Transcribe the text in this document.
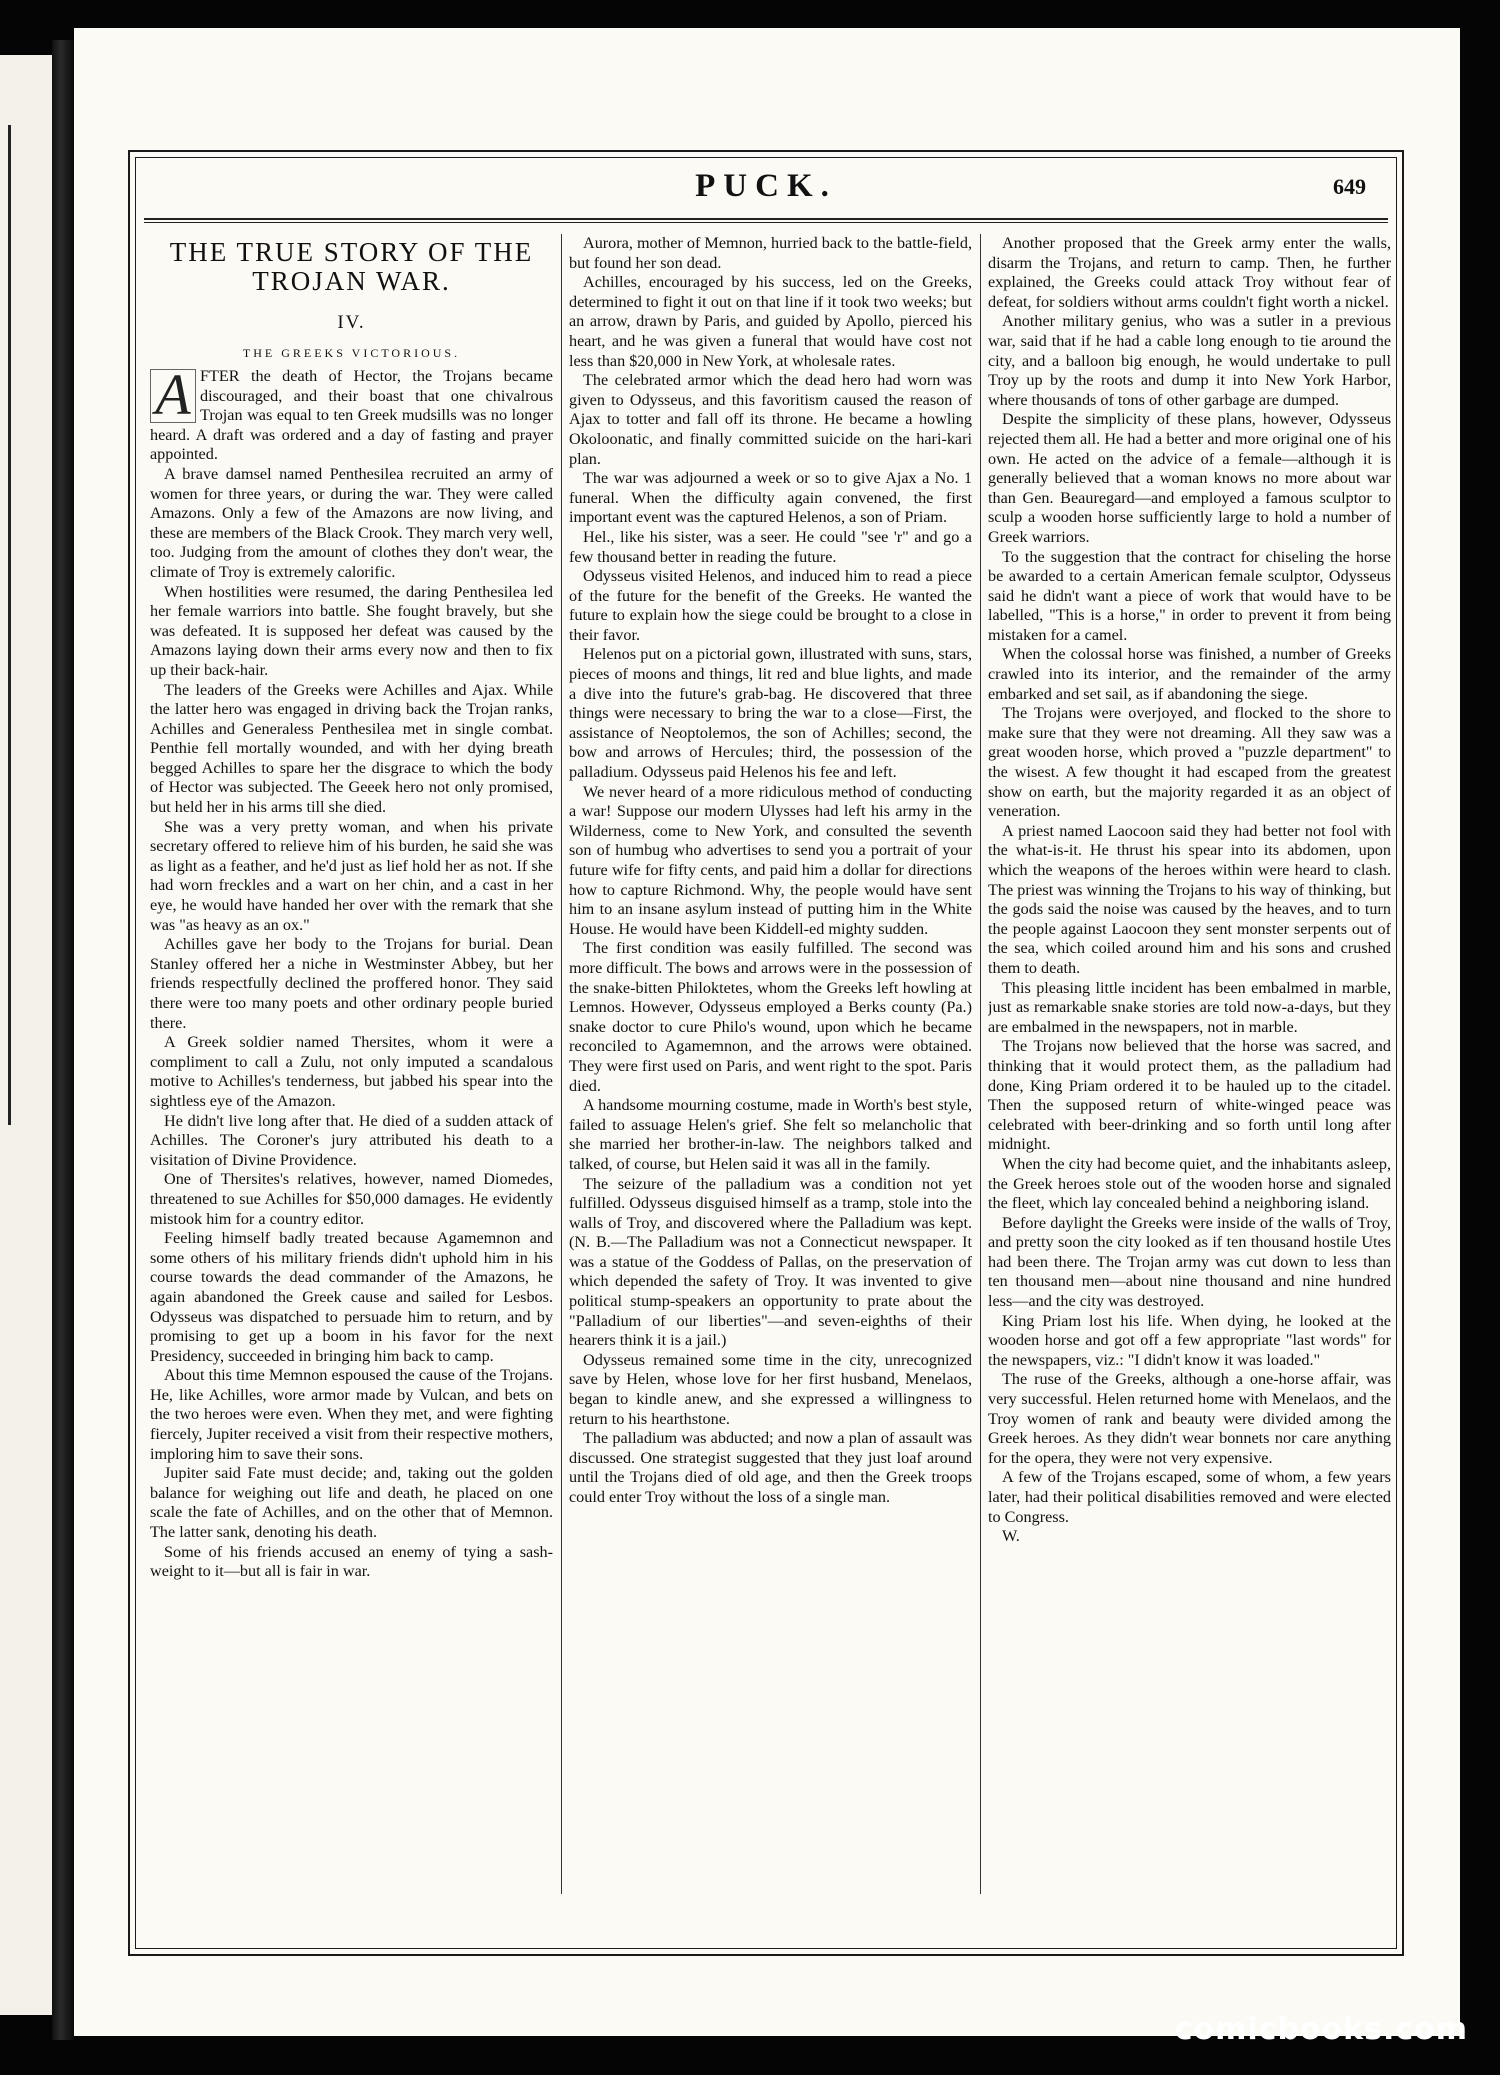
PUCK.	649
THE TRUE STORY OF THE TROJAN WAR.
IV.
THE GREEKS VICTORIOUS.

A FTER the death of Hector, the Trojans became discouraged, and their boast that one chivalrous Trojan was equal to ten Greek mudsills was no longer heard. A draft was ordered and a day of fasting and prayer appointed.

A brave damsel named Penthesilea recruited an army of women for three years, or during the war. They were called Amazons. Only a few of the Amazons are now living, and these are members of the Black Crook. They march very well, too. Judging from the amount of clothes they don't wear, the climate of Troy is extremely calorific.

When hostilities were resumed, the daring Penthesilea led her female warriors into battle. She fought bravely, but she was defeated. It is supposed her defeat was caused by the Amazons laying down their arms every now and then to fix up their back-hair.

The leaders of the Greeks were Achilles and Ajax. While the latter hero was engaged in driving back the Trojan ranks, Achilles and Generaless Penthesilea met in single combat. Penthie fell mortally wounded, and with her dying breath begged Achilles to spare her the disgrace to which the body of Hector was subjected. The Geeek hero not only promised, but held her in his arms till she died.

She was a very pretty woman, and when his private secretary offered to relieve him of his burden, he said she was as light as a feather, and he'd just as lief hold her as not. If she had worn freckles and a wart on her chin, and a cast in her eye, he would have handed her over with the remark that she was "as heavy as an ox."

Achilles gave her body to the Trojans for burial. Dean Stanley offered her a niche in Westminster Abbey, but her friends respectfully declined the proffered honor. They said there were too many poets and other ordinary people buried there.

A Greek soldier named Thersites, whom it were a compliment to call a Zulu, not only imputed a scandalous motive to Achilles's tenderness, but jabbed his spear into the sightless eye of the Amazon.

He didn't live long after that. He died of a sudden attack of Achilles. The Coroner's jury attributed his death to a visitation of Divine Providence.

One of Thersites's relatives, however, named Diomedes, threatened to sue Achilles for $50,000 damages. He evidently mistook him for a country editor.

Feeling himself badly treated because Agamemnon and some others of his military friends didn't uphold him in his course towards the dead commander of the Amazons, he again abandoned the Greek cause and sailed for Lesbos. Odysseus was dispatched to persuade him to return, and by promising to get up a boom in his favor for the next Presidency, succeeded in bringing him back to camp.

About this time Memnon espoused the cause of the Trojans. He, like Achilles, wore armor made by Vulcan, and bets on the two heroes were even. When they met, and were fighting fiercely, Jupiter received a visit from their respective mothers, imploring him to save their sons.

Jupiter said Fate must decide; and, taking out the golden balance for weighing out life and death, he placed on one scale the fate of Achilles, and on the other that of Memnon. The latter sank, denoting his death.

Some of his friends accused an enemy of tying a sash-weight to it—but all is fair in war.

Aurora, mother of Memnon, hurried back to the battle-field, but found her son dead.

Achilles, encouraged by his success, led on the Greeks, determined to fight it out on that line if it took two weeks; but an arrow, drawn by Paris, and guided by Apollo, pierced his heart, and he was given a funeral that would have cost not less than $20,000 in New York, at wholesale rates.

The celebrated armor which the dead hero had worn was given to Odysseus, and this favoritism caused the reason of Ajax to totter and fall off its throne. He became a howling Okoloonatic, and finally committed suicide on the hari-kari plan.

The war was adjourned a week or so to give Ajax a No. 1 funeral. When the difficulty again convened, the first important event was the captured Helenos, a son of Priam.

Hel., like his sister, was a seer. He could "see 'r" and go a few thousand better in reading the future.

Odysseus visited Helenos, and induced him to read a piece of the future for the benefit of the Greeks. He wanted the future to explain how the siege could be brought to a close in their favor.

Helenos put on a pictorial gown, illustrated with suns, stars, pieces of moons and things, lit red and blue lights, and made a dive into the future's grab-bag. He discovered that three things were necessary to bring the war to a close—First, the assistance of Neoptolemos, the son of Achilles; second, the bow and arrows of Hercules; third, the possession of the palladium. Odysseus paid Helenos his fee and left.

We never heard of a more ridiculous method of conducting a war! Suppose our modern Ulysses had left his army in the Wilderness, come to New York, and consulted the seventh son of humbug who advertises to send you a portrait of your future wife for fifty cents, and paid him a dollar for directions how to capture Richmond. Why, the people would have sent him to an insane asylum instead of putting him in the White House. He would have been Kiddell-ed mighty sudden.

The first condition was easily fulfilled. The second was more difficult. The bows and arrows were in the possession of the snake-bitten Philoktetes, whom the Greeks left howling at Lemnos. However, Odysseus employed a Berks county (Pa.) snake doctor to cure Philo's wound, upon which he became reconciled to Agamemnon, and the arrows were obtained. They were first used on Paris, and went right to the spot. Paris died.

A handsome mourning costume, made in Worth's best style, failed to assuage Helen's grief. She felt so melancholic that she married her brother-in-law. The neighbors talked and talked, of course, but Helen said it was all in the family.

The seizure of the palladium was a condition not yet fulfilled. Odysseus disguised himself as a tramp, stole into the walls of Troy, and discovered where the Palladium was kept. (N. B.—The Palladium was not a Connecticut newspaper. It was a statue of the Goddess of Pallas, on the preservation of which depended the safety of Troy. It was invented to give political stump-speakers an opportunity to prate about the "Palladium of our liberties"—and seven-eighths of their hearers think it is a jail.)

Odysseus remained some time in the city, unrecognized save by Helen, whose love for her first husband, Menelaos, began to kindle anew, and she expressed a willingness to return to his hearthstone.

The palladium was abducted; and now a plan of assault was discussed. One strategist suggested that they just loaf around until the Trojans died of old age, and then the Greek troops could enter Troy without the loss of a single man.

Another proposed that the Greek army enter the walls, disarm the Trojans, and return to camp. Then, he further explained, the Greeks could attack Troy without fear of defeat, for soldiers without arms couldn't fight worth a nickel.

Another military genius, who was a sutler in a previous war, said that if he had a cable long enough to tie around the city, and a balloon big enough, he would undertake to pull Troy up by the roots and dump it into New York Harbor, where thousands of tons of other garbage are dumped.

Despite the simplicity of these plans, however, Odysseus rejected them all. He had a better and more original one of his own. He acted on the advice of a female—although it is generally believed that a woman knows no more about war than Gen. Beauregard—and employed a famous sculptor to sculp a wooden horse sufficiently large to hold a number of Greek warriors.

To the suggestion that the contract for chiseling the horse be awarded to a certain American female sculptor, Odysseus said he didn't want a piece of work that would have to be labelled, "This is a horse," in order to prevent it from being mistaken for a camel.

When the colossal horse was finished, a number of Greeks crawled into its interior, and the remainder of the army embarked and set sail, as if abandoning the siege.

The Trojans were overjoyed, and flocked to the shore to make sure that they were not dreaming. All they saw was a great wooden horse, which proved a "puzzle department" to the wisest. A few thought it had escaped from the greatest show on earth, but the majority regarded it as an object of veneration.

A priest named Laocoon said they had better not fool with the what-is-it. He thrust his spear into its abdomen, upon which the weapons of the heroes within were heard to clash. The priest was winning the Trojans to his way of thinking, but the gods said the noise was caused by the heaves, and to turn the people against Laocoon they sent monster serpents out of the sea, which coiled around him and his sons and crushed them to death.

This pleasing little incident has been embalmed in marble, just as remarkable snake stories are told now-a-days, but they are embalmed in the newspapers, not in marble.

The Trojans now believed that the horse was sacred, and thinking that it would protect them, as the palladium had done, King Priam ordered it to be hauled up to the citadel. Then the supposed return of white-winged peace was celebrated with beer-drinking and so forth until long after midnight.

When the city had become quiet, and the inhabitants asleep, the Greek heroes stole out of the wooden horse and signaled the fleet, which lay concealed behind a neighboring island.

Before daylight the Greeks were inside of the walls of Troy, and pretty soon the city looked as if ten thousand hostile Utes had been there. The Trojan army was cut down to less than ten thousand men—about nine thousand and nine hundred less—and the city was destroyed.

King Priam lost his life. When dying, he looked at the wooden horse and got off a few appropriate "last words" for the newspapers, viz.: "I didn't know it was loaded."

The ruse of the Greeks, although a one-horse affair, was very successful. Helen returned home with Menelaos, and the Troy women of rank and beauty were divided among the Greek heroes. As they didn't wear bonnets nor care anything for the opera, they were not very expensive.

A few of the Trojans escaped, some of whom, a few years later, had their political disabilities removed and were elected to Congress.

W.

comicbooks.com
